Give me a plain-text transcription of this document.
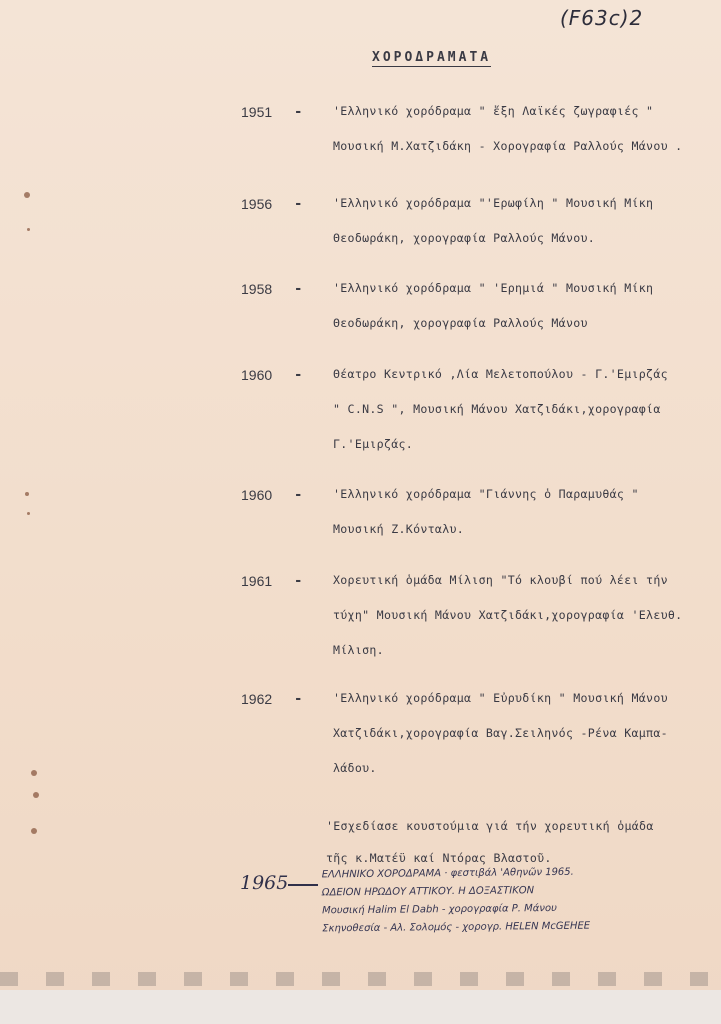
(F63c)2
ΧΟΡΟΔΡΑΜΑΤΑ
1951 -	'Ελληνικό χορόδραμα " ἔξη Λαϊκές ζωγραφιές "
Μουσική Μ.Χατζιδάκη - Χορογραφία Ραλλούς Μάνου .
1956 -	'Ελληνικό χορόδραμα "'Ερωφίλη " Μουσική Μίκη
Θεοδωράκη, χορογραφία Ραλλούς Μάνου.
1958 -	'Ελληνικό χορόδραμα " 'Ερημιά " Μουσική Μίκη
Θεοδωράκη, χορογραφία Ραλλούς Μάνου
1960 -	Θέατρο Κεντρικό ,Λία Μελετοπούλου - Γ.'Εμιρζάς
" C.N.S ", Μουσική Μάνου Χατζιδάκι,χορογραφία
Γ.'Εμιρζάς.
1960 -	'Ελληνικό χορόδραμα "Γιάννης ὁ Παραμυθάς "
Μουσική Ζ.Κόνταλυ.
1961 -	Χορευτική ὁμάδα Μίλιση "Τό κλουβί πού λέει τήν
τύχη" Μουσική Μάνου Χατζιδάκι,χορογραφία 'Ελευθ.
Μίλιση.
1962 -	'Ελληνικό χορόδραμα " Εὐρυδίκη " Μουσική Μάνου
Χατζιδάκι,χορογραφία Βαγ.Σειληνός -Ρένα Καμπα-
λάδου.
'Εσχεδίασε κουστούμια γιά τήν χορευτική ὁμάδα
τῆς κ.Ματέϋ καί Ντόρας Βλαστοῦ.
1965	ΕΛΛΗΝΙΚΟ ΧΟΡΟΔΡΑΜΑ · φεστιβάλ 'Αθηνῶν 1965.
ΩΔΕΙΟΝ ΗΡΩΔΟΥ ΑΤΤΙΚΟΥ. Η ΔΟΞΑΣΤΙΚΟΝ
Μουσική Halim El Dabh - χορογραφία Ρ. Μάνου
Σκηνοθεσία - Αλ. Σολομός - χορογρ. HELEN McGEHEE
